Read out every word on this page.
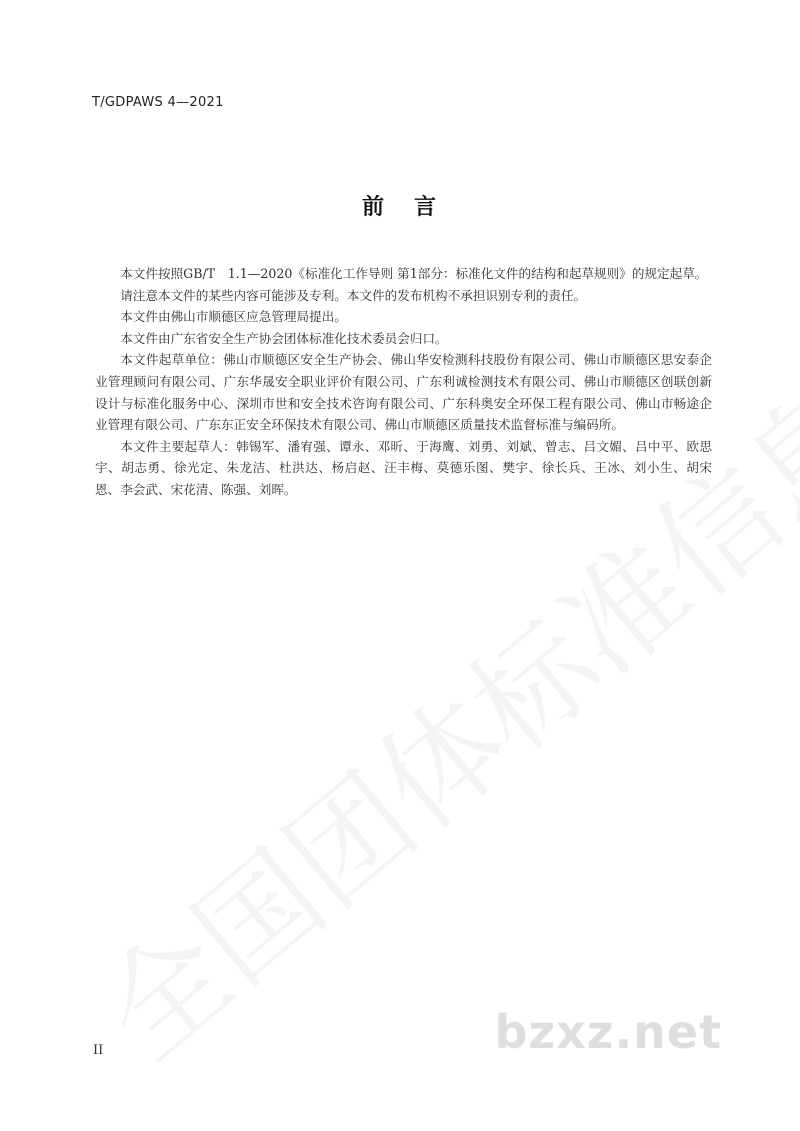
T/GDPAWS 4—2021
前 言

本文件按照GB/T　1.1—2020《标准化工作导则 第1部分：标准化文件的结构和起草规则》的规定起草。

请注意本文件的某些内容可能涉及专利。本文件的发布机构不承担识别专利的责任。

本文件由佛山市顺德区应急管理局提出。

本文件由广东省安全生产协会团体标准化技术委员会归口。

本文件起草单位：佛山市顺德区安全生产协会、佛山华安检测科技股份有限公司、佛山市顺德区思安泰企业管理顾问有限公司、广东华晟安全职业评价有限公司、广东利诚检测技术有限公司、佛山市顺德区创联创新设计与标准化服务中心、深圳市世和安全技术咨询有限公司、广东科奥安全环保工程有限公司、佛山市畅途企业管理有限公司、广东东正安全环保技术有限公司、佛山市顺德区质量技术监督标准与编码所。

本文件主要起草人：韩锡军、潘宥强、谭永、邓昕、于海鹰、刘勇、刘斌、曾志、吕文媚、吕中平、欧思宇、胡志勇、徐光定、朱龙洁、杜洪达、杨启赵、汪丰梅、莫德乐图、樊宇、徐长兵、王冰、刘小生、胡宋恩、李会武、宋花清、陈强、刘晖。

bzxz.net
II
